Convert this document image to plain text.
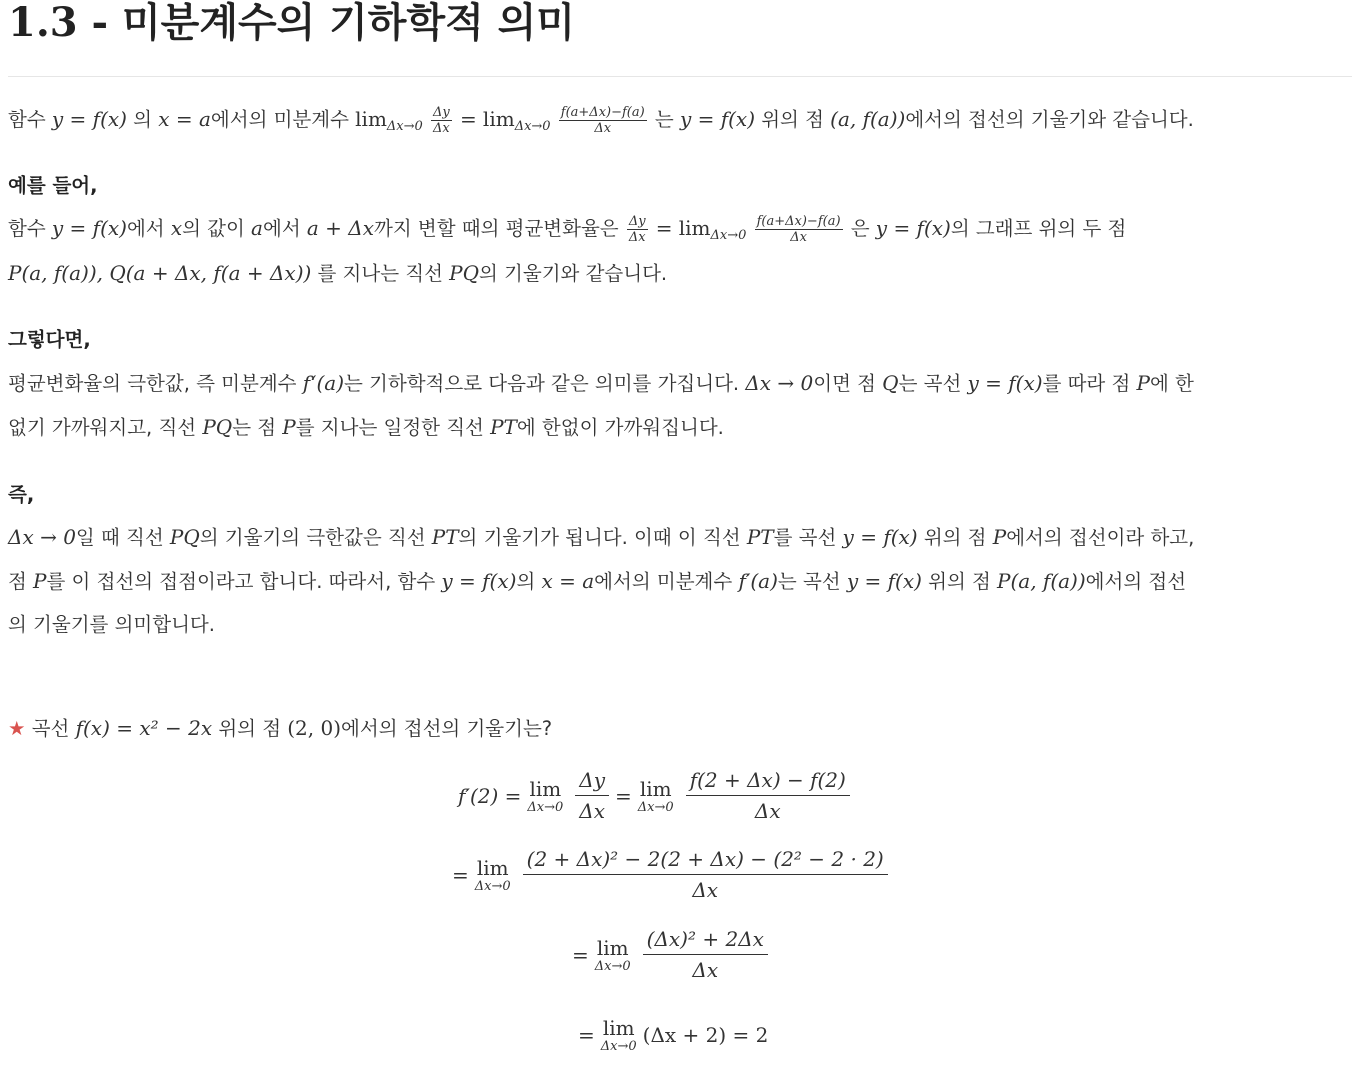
1.3 - 미분계수의 기하학적 의미
함수 y = f(x) 의 x = a에서의 미분계수 $\lim_{\Delta x\to 0} \frac{\Delta y}{\Delta x} = \lim_{\Delta x\to 0} \frac{f(a+\Delta x)-f(a)}{\Delta x}$ 는 y = f(x) 위의 점 (a, f(a))에서의 접선의 기울기와 같습니다.
예를 들어,
함수 y = f(x)에서 x의 값이 a에서 a + Δx까지 변할 때의 평균변화율은 $\frac{\Delta y}{\Delta x} = \lim_{\Delta x\to 0} \frac{f(a+\Delta x)-f(a)}{\Delta x}$ 은 y = f(x)의 그래프 위의 두 점
P(a, f(a)), Q(a + Δx, f(a + Δx)) 를 지나는 직선 PQ의 기울기와 같습니다.
그렇다면,
평균변화율의 극한값, 즉 미분계수 f‘(a)는 기하학적으로 다음과 같은 의미를 가집니다. Δx → 0이면 점 Q는 곡선 y = f(x)를 따라 점 P에 한
없기 가까워지고, 직선 PQ는 점 P를 지나는 일정한 직선 PT에 한없이 가까워집니다.
즉,
Δx → 0일 때 직선 PQ의 기울기의 극한값은 직선 PT의 기울기가 됩니다. 이때 이 직선 PT를 곡선 y = f(x) 위의 점 P에서의 접선이라 하고,
점 P를 이 접선의 접점이라고 합니다. 따라서, 함수 y = f(x)의 x = a에서의 미분계수 f′(a)는 곡선 y = f(x) 위의 점 P(a, f(a))에서의 접선
의 기울기를 의미합니다.
★ 곡선 f(x) = x² − 2x 위의 점 (2, 0)에서의 접선의 기울기는?
f′(2) = lim
$\Delta x\to 0 \frac{\Delta y}{\Delta x} = \lim$
$\Delta x\to 0 \frac{f(2 + \Delta x) - f(2)}{\Delta x}$
= lim
$\Delta x\to 0 \frac{\text{(2 + Δx)² − 2(2 + Δx) − (2² − 2 · 2)}}{\Delta x}$
= lim
$\Delta x\to 0 \frac{\text{(Δx)² + 2Δx}}{\Delta x}$
= lim
Δx→0 (Δx + 2) = 2
